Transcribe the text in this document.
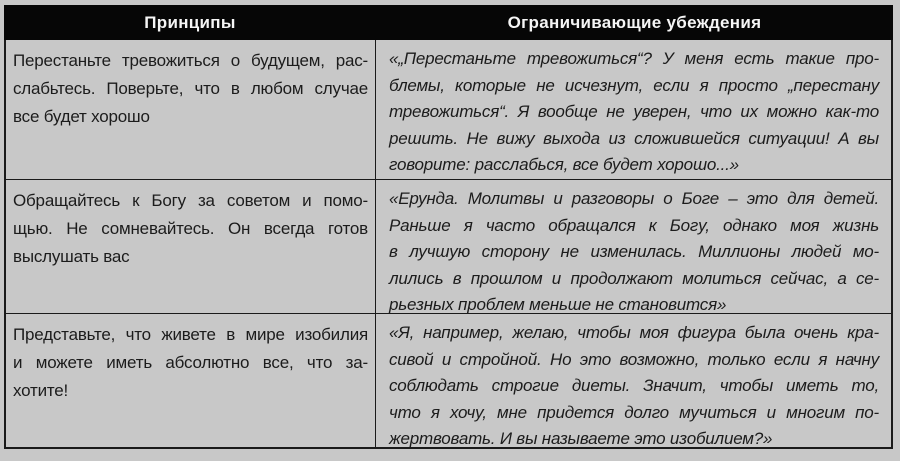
Принципы	Ограничивающие убеждения
Перестаньте тревожиться о будущем, рас-
слабьтесь. Поверьте, что в любом случае
все будет хорошо
«„Перестаньте тревожиться“? У меня есть такие про-
блемы, которые не исчезнут, если я просто „перестану
тревожиться“. Я вообще не уверен, что их можно как-то
решить. Не вижу выхода из сложившейся ситуации! А вы
говорите: расслабься, все будет хорошо...»
Обращайтесь к Богу за советом и помо-
щью. Не сомневайтесь. Он всегда готов
выслушать вас
«Ерунда. Молитвы и разговоры о Боге – это для детей.
Раньше я часто обращался к Богу, однако моя жизнь
в лучшую сторону не изменилась. Миллионы людей мо-
лились в прошлом и продолжают молиться сейчас, а се-
рьезных проблем меньше не становится»
Представьте, что живете в мире изобилия
и можете иметь абсолютно все, что за-
хотите!
«Я, например, желаю, чтобы моя фигура была очень кра-
сивой и стройной. Но это возможно, только если я начну
соблюдать строгие диеты. Значит, чтобы иметь то,
что я хочу, мне придется долго мучиться и многим по-
жертвовать. И вы называете это изобилием?»
